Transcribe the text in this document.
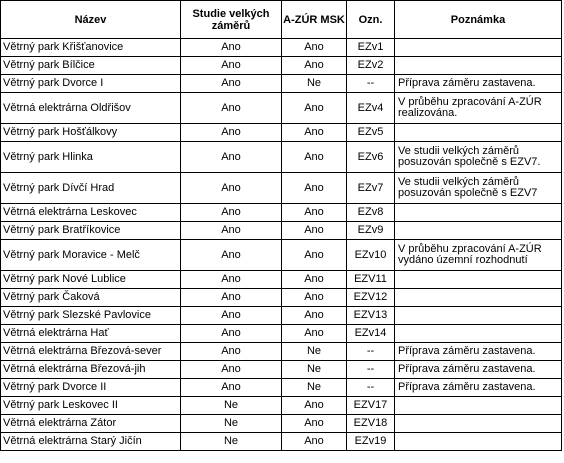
Název	Studie velkých záměrů	A-ZÚR MSK	Ozn.	Poznámka
Větrný park Křišťanovice	Ano	Ano	EZv1	
Větrný park Bílčice	Ano	Ano	EZv2	
Větrný park Dvorce I	Ano	Ne	--	Příprava záměru zastavena.
Větrná elektrárna Oldřišov	Ano	Ano	EZv4	V průběhu zpracování A-ZÚR realizována.
Větrný park Hošťálkovy	Ano	Ano	EZv5	
Větrný park Hlinka	Ano	Ano	EZv6	Ve studii velkých záměrů posuzován společně s EZV7.
Větrný park Dívčí Hrad	Ano	Ano	EZv7	Ve studii velkých záměrů posuzován společně s EZV7
Větrná elektrárna Leskovec	Ano	Ano	EZv8	
Větrný park Bratříkovice	Ano	Ano	EZv9	
Větrný park Moravice - Melč	Ano	Ano	EZv10	V průběhu zpracování A-ZÚR vydáno územní rozhodnutí
Větrný park Nové Lublice	Ano	Ano	EZV11	
Větrný park Čaková	Ano	Ano	EZV12	
Větrný park Slezské Pavlovice	Ano	Ano	EZV13	
Větrná elektrárna Hať	Ano	Ano	EZv14	
Větrná elektrárna Březová-sever	Ano	Ne	--	Příprava záměru zastavena.
Větrná elektrárna Březová-jih	Ano	Ne	--	Příprava záměru zastavena.
Větrný park Dvorce II	Ano	Ne	--	Příprava záměru zastavena.
Větrný park Leskovec II	Ne	Ano	EZV17	
Větrná elektrárna Zátor	Ne	Ano	EZV18	
Větrná elektrárna Starý Jičín	Ne	Ano	EZv19	
